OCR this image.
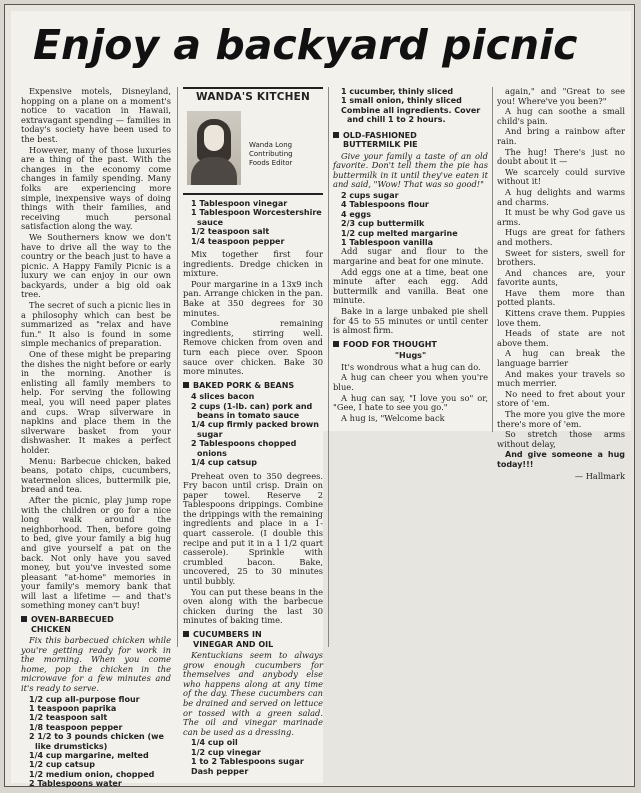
Enjoy a backyard picnic

Expensive motels, Disneyland, hopping on a plane on a moment's notice to vacation in Hawaii, extravagant spending — families in today's society have been used to the best.

However, many of those luxuries are a thing of the past. With the changes in the economy come changes in family spending. Many folks are experiencing more simple, inexpensive ways of doing things with their families, and receiving much personal satisfaction along the way.

We Southerners know we don't have to drive all the way to the country or the beach just to have a picnic. A Happy Family Picnic is a luxury we can enjoy in our own backyards, under a big old oak tree.

The secret of such a picnic lies in a philosophy which can best be summarized as "relax and have fun." It also is found in some simple mechanics of preparation.

One of these might be preparing the dishes the night before or early in the morning. Another is enlisting all family members to help. For serving the following meal, you will need paper plates and cups. Wrap silverware in napkins and place them in the silverware basket from your dishwasher. It makes a perfect holder.

Menu: Barbecue chicken, baked beans, potato chips, cucumbers, watermelon slices, buttermilk pie, bread and tea.

After the picnic, play jump rope with the children or go for a nice long walk around the neighborhood. Then, before going to bed, give your family a big hug and give yourself a pat on the back. Not only have you saved money, but you've invested some pleasant "at-home" memories in your family's memory bank that will last a lifetime — and that's something money can't buy!

OVEN-BARBECUED
CHICKEN

Fix this barbecued chicken while you're getting ready for work in the morning. When you come home, pop the chicken in the microwave for a few minutes and it's ready to serve.

1/2 cup all-purpose flour
1 teaspoon paprika
1/2 teaspoon salt
1/8 teaspoon pepper
2 1/2 to 3 pounds chicken (we like drumsticks)
1/4 cup margarine, melted
1/2 cup catsup
1/2 medium onion, chopped
2 Tablespoons water
WANDA'S KITCHEN
Wanda Long
Contributing
Foods Editor
1 Tablespoon vinegar
1 Tablespoon Worcestershire sauce
1/2 teaspoon salt
1/4 teaspoon pepper

Mix together first four ingredients. Dredge chicken in mixture.

Pour margarine in a 13x9 inch pan. Arrange chicken in the pan. Bake at 350 degrees for 30 minutes.

Combine remaining ingredients, stirring well. Remove chicken from oven and turn each piece over. Spoon sauce over chicken. Bake 30 more minutes.

BAKED PORK & BEANS
4 slices bacon
2 cups (1-lb. can) pork and beans in tomato sauce
1/4 cup firmly packed brown sugar
2 Tablespoons chopped onions
1/4 cup catsup

Preheat oven to 350 degrees. Fry bacon until crisp. Drain on paper towel. Reserve 2 Tablespoons drippings. Combine the drippings with the remaining ingredients and place in a 1-quart casserole. (I double this recipe and put it in a 1 1/2 quart casserole). Sprinkle with crumbled bacon. Bake, uncovered, 25 to 30 minutes until bubbly.

You can put these beans in the oven along with the barbecue chicken during the last 30 minutes of baking time.

CUCUMBERS IN
VINEGAR AND OIL

Kentuckians seem to always grow enough cucumbers for themselves and anybody else who happens along at any time of the day. These cucumbers can be drained and served on lettuce or tossed with a green salad. The oil and vinegar marinade can be used as a dressing.

1/4 cup oil
1/2 cup vinegar
1 to 2 Tablespoons sugar
Dash pepper
1 cucumber, thinly sliced
1 small onion, thinly sliced
Combine all ingredients. Cover and chill 1 to 2 hours.
OLD-FASHIONED
BUTTERMILK PIE

Give your family a taste of an old favorite. Don't tell them the pie has buttermilk in it until they've eaten it and said, "Wow! That was so good!"

2 cups sugar
4 Tablespoons flour
4 eggs
2/3 cup buttermilk
1/2 cup melted margarine
1 Tablespoon vanilla

Add sugar and flour to the margarine and beat for one minute.

Add eggs one at a time, beat one minute after each egg. Add buttermilk and vanilla. Beat one minute.

Bake in a large unbaked pie shell for 45 to 55 minutes or until center is almost firm.

FOOD FOR THOUGHT
"Hugs"

It's wondrous what a hug can do.

A hug can cheer you when you're blue.

A hug can say, "I love you so" or, "Gee, I hate to see you go."

A hug is, "Welcome back

again," and "Great to see you! Where've you been?"

A hug can soothe a small child's pain.

And bring a rainbow after rain.

The hug! There's just no doubt about it —

We scarcely could survive without it!

A hug delights and warms and charms.

It must be why God gave us arms.

Hugs are great for fathers and mothers.

Sweet for sisters, swell for brothers.

And chances are, your favorite aunts,

Have them more than potted plants.

Kittens crave them. Puppies love them.

Heads of state are not above them.

A hug can break the language barrier

And makes your travels so much merrier.

No need to fret about your store of 'em.

The more you give the more there's more of 'em.

So stretch those arms without delay,

And give someone a hug today!!!

— Hallmark
